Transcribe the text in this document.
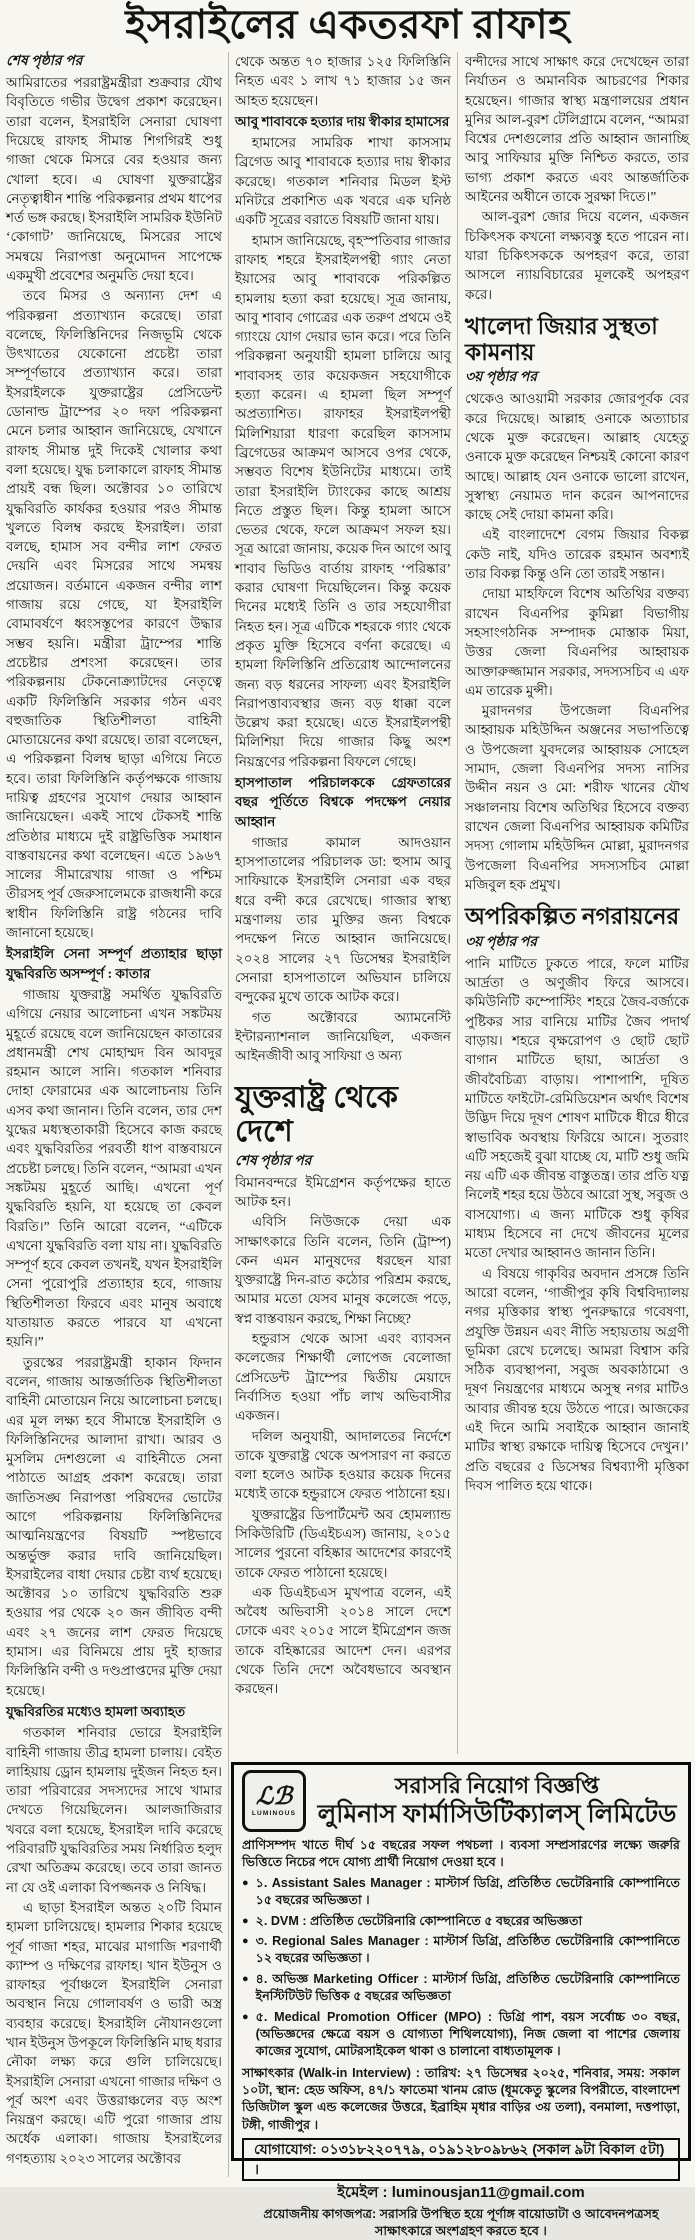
ইসরাইলের একতরফা রাফাহ

শেষ পৃষ্ঠার পর

আমিরাতের পররাষ্ট্রমন্ত্রীরা শুক্রবার যৌথ বিবৃতিতে গভীর উদ্বেগ প্রকাশ করেছেন। তারা বলেন, ইসরাইলি সেনারা ঘোষণা দিয়েছে রাফাহ সীমান্ত শিগগিরই শুধু গাজা থেকে মিসরে বের হওয়ার জন্য খোলা হবে। এ ঘোষণা যুক্তরাষ্ট্রের নেতৃত্বাধীন শান্তি পরিকল্পনার প্রথম ধাপের শর্ত ভঙ্গ করছে। ইসরাইলি সামরিক ইউনিট ‘কোগাট’ জানিয়েছে, মিসরের সাথে সমন্বয়ে নিরাপত্তা অনুমোদন সাপেক্ষে একমুখী প্রবেশের অনুমতি দেয়া হবে।

তবে মিসর ও অন্যান্য দেশ এ পরিকল্পনা প্রত্যাখ্যান করেছে। তারা বলেছে, ফিলিস্তিনিদের নিজভূমি থেকে উৎখাতের যেকোনো প্রচেষ্টা তারা সম্পূর্ণভাবে প্রত্যাখ্যান করে। তারা ইসরাইলকে যুক্তরাষ্ট্রের প্রেসিডেন্ট ডোনাল্ড ট্রাম্পের ২০ দফা পরিকল্পনা মেনে চলার আহ্বান জানিয়েছে, যেখানে রাফাহ সীমান্ত দুই দিকেই খোলার কথা বলা হয়েছে। যুদ্ধ চলাকালে রাফাহ সীমান্ত প্রায়ই বন্ধ ছিল। অক্টোবর ১০ তারিখে যুদ্ধবিরতি কার্যকর হওয়ার পরও সীমান্ত খুলতে বিলম্ব করছে ইসরাইল। তারা বলছে, হামাস সব বন্দীর লাশ ফেরত দেয়নি এবং মিসরের সাথে সমন্বয় প্রয়োজন। বর্তমানে একজন বন্দীর লাশ গাজায় রয়ে গেছে, যা ইসরাইলি বোমাবর্ষণে ধ্বংসস্তূপের কারণে উদ্ধার সম্ভব হয়নি। মন্ত্রীরা ট্রাম্পের শান্তি প্রচেষ্টার প্রশংসা করেছেন। তার পরিকল্পনায় টেকনোক্র্যাটদের নেতৃত্বে একটি ফিলিস্তিনি সরকার গঠন এবং বহুজাতিক স্থিতিশীলতা বাহিনী মোতায়েনের কথা রয়েছে। তারা বলেছেন, এ পরিকল্পনা বিলম্ব ছাড়া এগিয়ে নিতে হবে। তারা ফিলিস্তিনি কর্তৃপক্ষকে গাজায় দায়িত্ব গ্রহণের সুযোগ দেয়ার আহ্বান জানিয়েছেন। একই সাথে টেকসই শান্তি প্রতিষ্ঠার মাধ্যমে দুই রাষ্ট্রভিত্তিক সমাধান বাস্তবায়নের কথা বলেছেন। এতে ১৯৬৭ সালের সীমারেখায় গাজা ও পশ্চিম তীরসহ পূর্ব জেরুসালেমকে রাজধানী করে স্বাধীন ফিলিস্তিনি রাষ্ট্র গঠনের দাবি জানানো হয়েছে।

ইসরাইলি সেনা সম্পূর্ণ প্রত্যাহার ছাড়া যুদ্ধবিরতি অসম্পূর্ণ : কাতার

গাজায় যুক্তরাষ্ট্র সমর্থিত যুদ্ধবিরতি এগিয়ে নেয়ার আলোচনা এখন সঙ্কটময় মুহূর্তে রয়েছে বলে জানিয়েছেন কাতারের প্রধানমন্ত্রী শেখ মোহাম্মদ বিন আবদুর রহমান আলে সানি। গতকাল শনিবার দোহা ফোরামের এক আলোচনায় তিনি এসব কথা জানান। তিনি বলেন, তার দেশ যুদ্ধের মধ্যস্থতাকারী হিসেবে কাজ করছে এবং যুদ্ধবিরতির পরবর্তী ধাপ বাস্তবায়নে প্রচেষ্টা চলছে। তিনি বলেন, “আমরা এখন সঙ্কটময় মুহূর্তে আছি। এখনো পূর্ণ যুদ্ধবিরতি হয়নি, যা হয়েছে তা কেবল বিরতি।” তিনি আরো বলেন, “এটিকে এখনো যুদ্ধবিরতি বলা যায় না। যুদ্ধবিরতি সম্পূর্ণ হবে কেবল তখনই, যখন ইসরাইলি সেনা পুরোপুরি প্রত্যাহার হবে, গাজায় স্থিতিশীলতা ফিরবে এবং মানুষ অবাধে যাতায়াত করতে পারবে যা এখনো হয়নি।”

তুরস্কের পররাষ্ট্রমন্ত্রী হাকান ফিদান বলেন, গাজায় আন্তর্জাতিক স্থিতিশীলতা বাহিনী মোতায়েন নিয়ে আলোচনা চলছে। এর মূল লক্ষ্য হবে সীমান্তে ইসরাইলি ও ফিলিস্তিনিদের আলাদা রাখা। আরব ও মুসলিম দেশগুলো এ বাহিনীতে সেনা পাঠাতে আগ্রহ প্রকাশ করেছে। তারা জাতিসঙ্ঘ নিরাপত্তা পরিষদের ভোটের আগে পরিকল্পনায় ফিলিস্তিনিদের আত্মনিয়ন্ত্রণের বিষয়টি স্পষ্টভাবে অন্তর্ভুক্ত করার দাবি জানিয়েছিল। ইসরাইলের বাধা দেয়ার চেষ্টা ব্যর্থ হয়েছে। অক্টোবর ১০ তারিখে যুদ্ধবিরতি শুরু হওয়ার পর থেকে ২০ জন জীবিত বন্দী এবং ২৭ জনের লাশ ফেরত দিয়েছে হামাস। এর বিনিময়ে প্রায় দুই হাজার ফিলিস্তিনি বন্দী ও দণ্ডপ্রাপ্তদের মুক্তি দেয়া হয়েছে।

যুদ্ধবিরতির মধ্যেও হামলা অব্যাহত

গতকাল শনিবার ভোরে ইসরাইলি বাহিনী গাজায় তীব্র হামলা চালায়। বেইত লাহিয়ায় ড্রোন হামলায় দুইজন নিহত হন। তারা পরিবারের সদস্যদের সাথে খামার দেখতে গিয়েছিলেন। আলজাজিরার খবরে বলা হয়েছে, ইসরাইল দাবি করেছে পরিবারটি যুদ্ধবিরতির সময় নির্ধারিত হলুদ রেখা অতিক্রম করেছে। তবে তারা জানত না যে ওই এলাকা বিপজ্জনক ও নিষিদ্ধ।

এ ছাড়া ইসরাইল অন্তত ২০টি বিমান হামলা চালিয়েছে। হামলার শিকার হয়েছে পূর্ব গাজা শহর, মাঝের মাগাজি শরণার্থী ক্যাম্প ও দক্ষিণের রাফাহ। খান ইউনুস ও রাফাহর পূর্বাঞ্চলে ইসরাইলি সেনারা অবস্থান নিয়ে গোলাবর্ষণ ও ভারী অস্ত্র ব্যবহার করেছে। ইসরাইলি নৌযানগুলো খান ইউনুস উপকূলে ফিলিস্তিনি মাছ ধরার নৌকা লক্ষ্য করে গুলি চালিয়েছে। ইসরাইলি সেনারা এখনো গাজার দক্ষিণ ও পূর্ব অংশ এবং উত্তরাঞ্চলের বড় অংশ নিয়ন্ত্রণ করছে। এটি পুরো গাজার প্রায় অর্ধেক এলাকা। গাজায় ইসরাইলের গণহত্যায় ২০২৩ সালের অক্টোবর

থেকে অন্তত ৭০ হাজার ১২৫ ফিলিস্তিনি নিহত এবং ১ লাখ ৭১ হাজার ১৫ জন আহত হয়েছেন।

আবু শাবাবকে হত্যার দায় স্বীকার হামাসের

হামাসের সামরিক শাখা কাসসাম ব্রিগেড আবু শাবাবকে হত্যার দায় স্বীকার করেছে। গতকাল শনিবার মিডল ইস্ট মনিটরে প্রকাশিত এক খবরে এক ঘনিষ্ঠ একটি সূত্রের বরাতে বিষয়টি জানা যায়।

হামাস জানিয়েছে, বৃহস্পতিবার গাজার রাফাহ শহরে ইসরাইলপন্থী গ্যাং নেতা ইয়াসের আবু শাবাবকে পরিকল্পিত হামলায় হত্যা করা হয়েছে। সূত্র জানায়, আবু শাবাব গোত্রের এক তরুণ প্রথমে ওই গ্যাংয়ে যোগ দেয়ার ভান করে। পরে তিনি পরিকল্পনা অনুযায়ী হামলা চালিয়ে আবু শাবাবসহ তার কয়েকজন সহযোগীকে হত্যা করেন। এ হামলা ছিল সম্পূর্ণ অপ্রত্যাশিত। রাফাহর ইসরাইলপন্থী মিলিশিয়ারা ধারণা করেছিল কাসসাম ব্রিগেডের আক্রমণ আসবে ওপর থেকে, সম্ভবত বিশেষ ইউনিটের মাধ্যমে। তাই তারা ইসরাইলি ট্যাংকের কাছে আশ্রয় নিতে প্রস্তুত ছিল। কিন্তু হামলা আসে ভেতর থেকে, ফলে আক্রমণ সফল হয়। সূত্র আরো জানায়, কয়েক দিন আগে আবু শাবাব ভিডিও বার্তায় রাফাহ ‘পরিষ্কার’ করার ঘোষণা দিয়েছিলেন। কিন্তু কয়েক দিনের মধ্যেই তিনি ও তার সহযোগীরা নিহত হন। সূত্র এটিকে শহরকে গ্যাং থেকে প্রকৃত মুক্তি হিসেবে বর্ণনা করেছে। এ হামলা ফিলিস্তিনি প্রতিরোধ আন্দোলনের জন্য বড় ধরনের সাফল্য এবং ইসরাইলি নিরাপত্তাব্যবস্থার জন্য বড় ধাক্কা বলে উল্লেখ করা হয়েছে। এতে ইসরাইলপন্থী মিলিশিয়া দিয়ে গাজার কিছু অংশ নিয়ন্ত্রণের পরিকল্পনা বিফলে গেছে।

হাসপাতাল পরিচালককে গ্রেফতারের বছর পূর্তিতে বিশ্বকে পদক্ষেপ নেয়ার আহ্বান

গাজার কামাল আদওয়ান হাসপাতালের পরিচালক ডা: হুসাম আবু সাফিয়াকে ইসরাইলি সেনারা এক বছর ধরে বন্দী করে রেখেছে। গাজার স্বাস্থ্য মন্ত্রণালয় তার মুক্তির জন্য বিশ্বকে পদক্ষেপ নিতে আহ্বান জানিয়েছে। ২০২৪ সালের ২৭ ডিসেম্বর ইসরাইলি সেনারা হাসপাতালে অভিযান চালিয়ে বন্দুকের মুখে তাকে আটক করে।

গত অক্টোবরে অ্যামনেস্টি ইন্টারন্যাশনাল জানিয়েছিল, একজন আইনজীবী আবু সাফিয়া ও অন্য

যুক্তরাষ্ট্র থেকে দেশে

শেষ পৃষ্ঠার পর

বিমানবন্দরে ইমিগ্রেশন কর্তৃপক্ষের হাতে আটক হন।

এবিসি নিউজকে দেয়া এক সাক্ষাৎকারে তিনি বলেন, তিনি (ট্রাম্প) কেন এমন মানুষদের ধরছেন যারা যুক্তরাষ্ট্রে দিন-রাত কঠোর পরিশ্রম করছে, আমার মতো যেসব মানুষ কলেজে পড়ে, স্বপ্ন বাস্তবায়ন করছে, শিক্ষা নিচ্ছে?

হন্ডুরাস থেকে আসা এবং ব্যাবসন কলেজের শিক্ষার্থী লোপেজ বেলোজা প্রেসিডেন্ট ট্রাম্পের দ্বিতীয় মেয়াদে নির্বাসিত হওয়া পাঁচ লাখ অভিবাসীর একজন।

দলিল অনুযায়ী, আদালতের নির্দেশে তাকে যুক্তরাষ্ট্র থেকে অপসারণ না করতে বলা হলেও আটক হওয়ার কয়েক দিনের মধ্যেই তাকে হন্ডুরাসে ফেরত পাঠানো হয়।

যুক্তরাষ্ট্রের ডিপার্টমেন্ট অব হোমল্যান্ড সিকিউরিটি (ডিএইচএস) জানায়, ২০১৫ সালের পুরনো বহিষ্কার আদেশের কারণেই তাকে ফেরত পাঠানো হয়েছে।

এক ডিএইচএস মুখপাত্র বলেন, এই অবৈধ অভিবাসী ২০১৪ সালে দেশে ঢোকে এবং ২০১৫ সালে ইমিগ্রেশন জজ তাকে বহিষ্কারের আদেশ দেন। এরপর থেকে তিনি দেশে অবৈধভাবে অবস্থান করছেন।

বন্দীদের সাথে সাক্ষাৎ করে দেখেছেন তারা নির্যাতন ও অমানবিক আচরণের শিকার হয়েছেন। গাজার স্বাস্থ্য মন্ত্রণালয়ের প্রধান মুনির আল-বুরশ টেলিগ্রামে বলেন, “আমরা বিশ্বের দেশগুলোর প্রতি আহ্বান জানাচ্ছি আবু সাফিয়ার মুক্তি নিশ্চিত করতে, তার ভাগ্য প্রকাশ করতে এবং আন্তর্জাতিক আইনের অধীনে তাকে সুরক্ষা দিতে।”

আল-বুরশ জোর দিয়ে বলেন, একজন চিকিৎসক কখনো লক্ষ্যবস্তু হতে পারেন না। যারা চিকিৎসককে অপহরণ করে, তারা আসলে ন্যায়বিচারের মূলকেই অপহরণ করে।

খালেদা জিয়ার সুস্থতা কামনায়

৩য় পৃষ্ঠার পর

থেকেও আওয়ামী সরকার জোরপূর্বক বের করে দিয়েছে। আল্লাহ ওনাকে অত্যাচার থেকে মুক্ত করেছেন। আল্লাহ যেহেতু ওনাকে মুক্ত করেছেন নিশ্চয়ই কোনো কারণ আছে। আল্লাহ যেন ওনাকে ভালো রাখেন, সুস্বাস্থ্য নেয়ামত দান করেন আপনাদের কাছে সেই দোয়া কামনা করি।

এই বাংলাদেশে বেগম জিয়ার বিকল্প কেউ নাই, যদিও তারেক রহমান অবশ্যই তার বিকল্প কিন্তু ওনি তো তারই সন্তান।

দোয়া মাহফিলে বিশেষ অতিথির বক্তব্য রাখেন বিএনপির কুমিল্লা বিভাগীয় সহসাংগঠনিক সম্পাদক মোস্তাক মিয়া, উত্তর জেলা বিএনপির আহ্বায়ক আক্তারুজ্জামান সরকার, সদস্যসচিব এ এফ এম তারেক মুন্সী।

মুরাদনগর উপজেলা বিএনপির আহ্বায়ক মহিউদ্দিন অঞ্জনের সভাপতিত্বে ও উপজেলা যুবদলের আহ্বায়ক সোহেল সামাদ, জেলা বিএনপির সদস্য নাসির উদ্দীন নয়ন ও মো: শরীফ খানের যৌথ সঞ্চালনায় বিশেষ অতিথির হিসেবে বক্তব্য রাখেন জেলা বিএনপির আহ্বায়ক কমিটির সদস্য গোলাম মহিউদ্দিন মোল্লা, মুরাদনগর উপজেলা বিএনপির সদস্যসচিব মোল্লা মজিবুল হক প্রমুখ।

অপরিকল্পিত নগরায়নের

৩য় পৃষ্ঠার পর

পানি মাটিতে ঢুকতে পারে, ফলে মাটির আর্দ্রতা ও অণুজীব ফিরে আসবে। কমিউনিটি কম্পোস্টিং শহরে জৈব-বর্জ্যকে পুষ্টিকর সার বানিয়ে মাটির জৈব পদার্থ বাড়ায়। শহরে বৃক্ষরোপণ ও ছোট ছোট বাগান মাটিতে ছায়া, আর্দ্রতা ও জীববৈচিত্র্য বাড়ায়। পাশাপাশি, দূষিত মাটিতে ফাইটো-রেমিডিয়েশন অর্থাৎ বিশেষ উদ্ভিদ দিয়ে দূষণ শোষণ মাটিকে ধীরে ধীরে স্বাভাবিক অবস্থায় ফিরিয়ে আনে। সুতরাং এটি সহজেই বুঝা যাচ্ছে যে, মাটি শুধু জমি নয় এটি এক জীবন্ত বাস্তুতন্ত্র। তার প্রতি যত্ন নিলেই শহর হয়ে উঠবে আরো সুস্থ, সবুজ ও বাসযোগ্য। এ জন্য মাটিকে শুধু কৃষির মাধ্যম হিসেবে না দেখে জীবনের মূলের মতো দেখার আহ্বানও জানান তিনি।

এ বিষয়ে গাকৃবির অবদান প্রসঙ্গে তিনি আরো বলেন, ‘গাজীপুর কৃষি বিশ্ববিদ্যালয় নগর মৃত্তিকার স্বাস্থ্য পুনরুদ্ধারে গবেষণা, প্রযুক্তি উন্নয়ন এবং নীতি সহায়তায় অগ্রণী ভূমিকা রেখে চলেছে। আমরা বিশ্বাস করি সঠিক ব্যবস্থাপনা, সবুজ অবকাঠামো ও দূষণ নিয়ন্ত্রণের মাধ্যমে অসুস্থ নগর মাটিও আবার জীবন্ত হয়ে উঠতে পারে। আজকের এই দিনে আমি সবাইকে আহ্বান জানাই মাটির স্বাস্থ্য রক্ষাকে দায়িত্ব হিসেবে দেখুন।’ প্রতি বছরের ৫ ডিসেম্বর বিশ্বব্যাপী মৃত্তিকা দিবস পালিত হয়ে থাকে।

ℒℬ
LUMINOUS
সরাসরি নিয়োগ বিজ্ঞপ্তি
লুমিনাস ফার্মাসিউটিক্যালস্ লিমিটেড
প্রাণিসম্পদ খাতে দীর্ঘ ১৫ বছরের সফল পথচলা । ব্যবসা সম্প্রসারণের লক্ষ্যে জরুরি ভিত্তিতে নিচের পদে যোগ্য প্রার্থী নিয়োগ দেওয়া হবে ।
● ১. Assistant Sales Manager : মাস্টার্স ডিগ্রি, প্রতিষ্ঠিত ভেটেরিনারি কোম্পানিতে ১৫ বছরের অভিজ্ঞতা ।
● ২. DVM : প্রতিষ্ঠিত ভেটেরিনারি কোম্পানিতে ৫ বছরের অভিজ্ঞতা
● ৩. Regional Sales Manager : মাস্টার্স ডিগ্রি, প্রতিষ্ঠিত ভেটেরিনারি কোম্পানিতে ১২ বছরের অভিজ্ঞতা ।
● ৪. অভিজ্ঞ Marketing Officer : মাস্টার্স ডিগ্রি, প্রতিষ্ঠিত ভেটেরিনারি কোম্পানিতে ইনস্টিটিউট ভিত্তিক ৫ বছরের অভিজ্ঞতা
● ৫. Medical Promotion Officer (MPO) : ডিগ্রি পাশ, বয়স সর্বোচ্চ ৩০ বছর, (অভিজ্ঞদের ক্ষেত্রে বয়স ও যোগ্যতা শিথিলযোগ্য), নিজ জেলা বা পাশের জেলায় কাজের সুযোগ, মোটরসাইকেল থাকা ও চালানো বাধ্যতামূলক ।
সাক্ষাৎকার (Walk-in Interview) : তারিখ: ২৭ ডিসেম্বর ২০২৫, শনিবার, সময়: সকাল ১০টা, স্থান: হেড অফিস, ৪৭/১ ফাতেমা খানম রোড (ধূমকেতু স্কুলের বিপরীতে, বাংলাদেশ ডিজিটাল স্কুল এন্ড কলেজের উত্তরে, ইব্রাহিম মৃধার বাড়ির ৩য় তলা), বনমালা, দত্তপাড়া, টঙ্গী, গাজীপুর ।
যোগাযোগ: ০১৩১৮২২০৭৭৯, ০১৯১২৮০৯৮৬২ (সকাল ৯টা বিকাল ৫টা) ।
ইমেইল : luminousjan11@gmail.com
প্রয়োজনীয় কাগজপত্র: সরাসরি উপস্থিত হয়ে পূর্ণাঙ্গ বায়োডাটা ও আবেদনপত্রসহ সাক্ষাৎকারে অংশগ্রহণ করতে হবে ।
